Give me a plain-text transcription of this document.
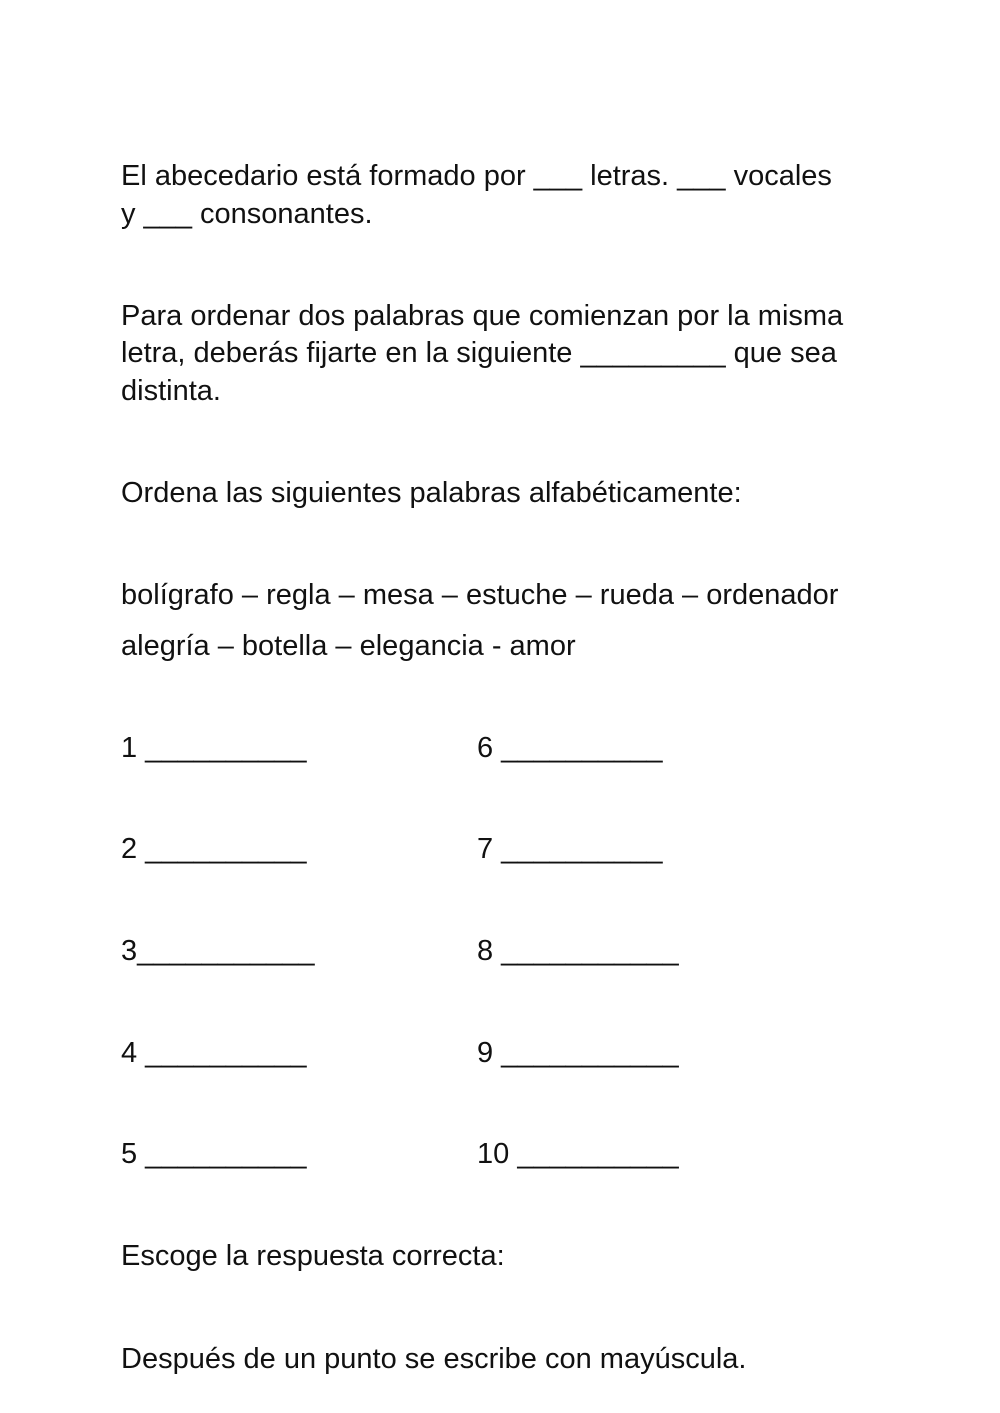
El abecedario está formado por ___ letras. ___ vocales
y ___ consonantes.
Para ordenar dos palabras que comienzan por la misma
letra, deberás fijarte en la siguiente _________ que sea
distinta.
Ordena las siguientes palabras alfabéticamente:
bolígrafo – regla – mesa – estuche – rueda – ordenador
alegría – botella – elegancia - amor
1 __________
2 __________
3___________
4 __________
5 __________
6 __________
7 __________
8 ___________
9 ___________
10 __________
Escoge la respuesta correcta:
Después de un punto se escribe con mayúscula.
